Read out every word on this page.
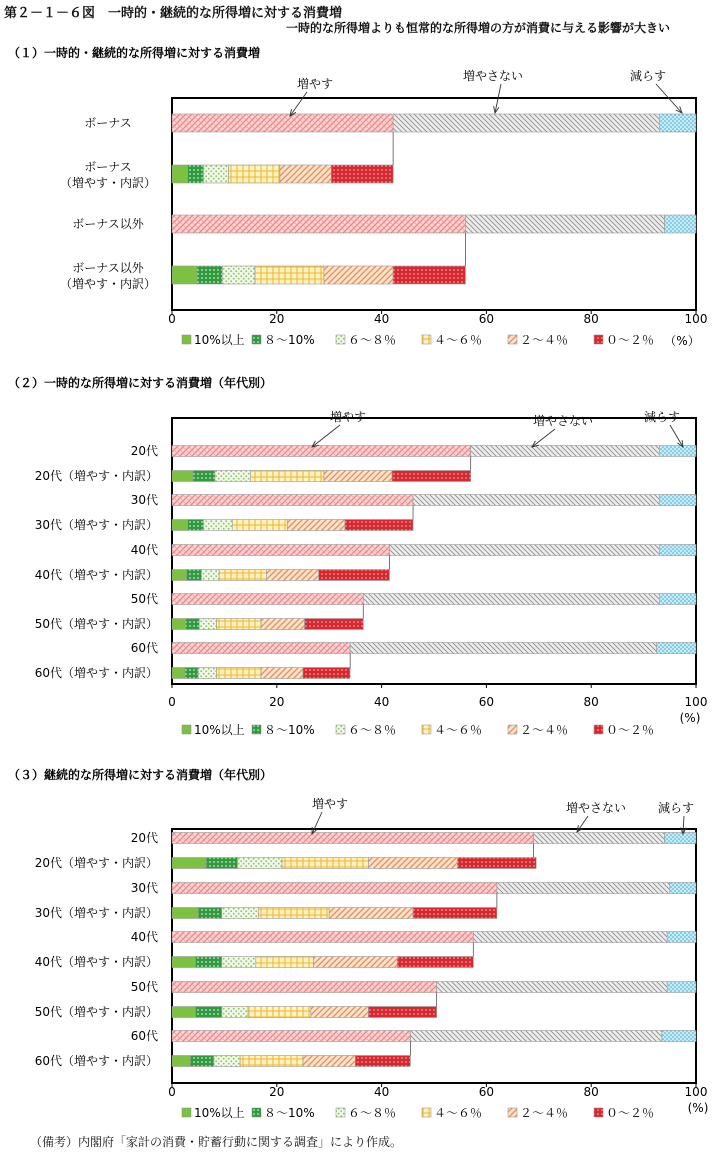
第２－１－６図　一時的・継続的な所得増に対する消費増
一時的な所得増よりも恒常的な所得増の方が消費に与える影響が大きい
（１）一時的・継続的な所得増に対する消費増
ボーナス
ボーナス
（増やす・内訳）
ボーナス以外
ボーナス以外
（増やす・内訳）
0	20	40	60	80	100
（%）
10%以上 ８～10%	６～８％	４～６％	２～４％	０～２％
増やす
増やさない	減らす
（２）一時的な所得増に対する消費増（年代別）
20代
20代（増やす・内訳）
30代
30代（増やす・内訳）
40代
40代（増やす・内訳）
50代
50代（増やす・内訳）
60代
60代（増やす・内訳）
0	20	40	60	80	100
(%)
10%以上 ８～10%	６～８％	４～６％	２～４％	０～２％
増やす	増やさない	減らす
（３）継続的な所得増に対する消費増（年代別）
20代
20代（増やす・内訳）
30代
30代（増やす・内訳）
40代
40代（増やす・内訳）
50代
50代（増やす・内訳）
60代
60代（増やす・内訳）
0	20	40	60	80	100
(%)
10%以上 ８～10%	６～８％	４～６％	２～４％	０～２％
増やす	増やさない	減らす
（備考）内閣府「家計の消費・貯蓄行動に関する調査」により作成。
